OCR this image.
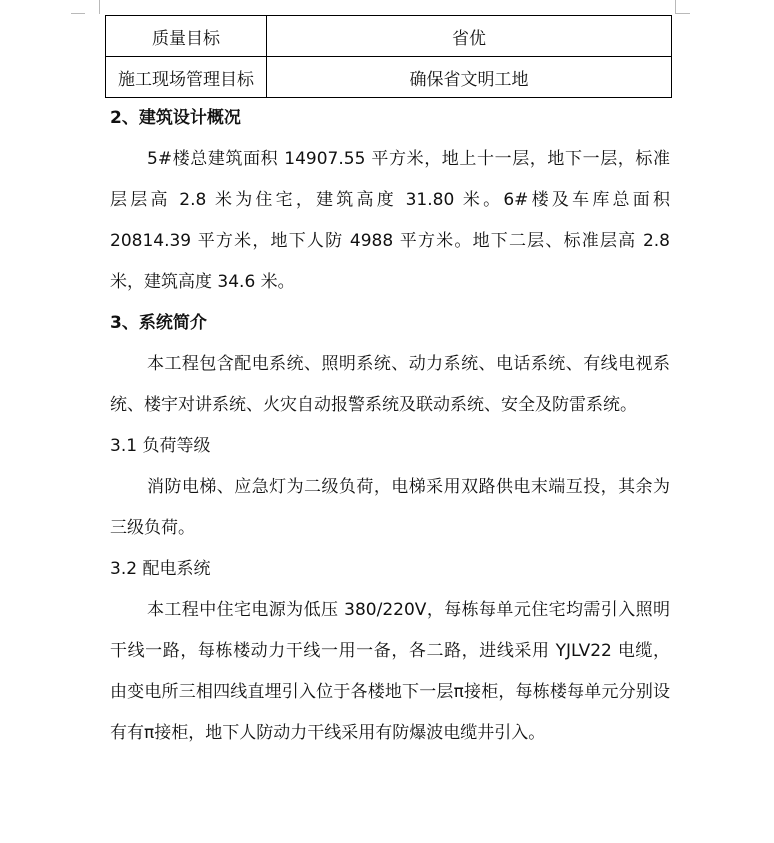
质量目标	省优
施工现场管理目标	确保省文明工地

2、建筑设计概况

5#楼总建筑面积 14907.55 平方米，地上十一层，地下一层，标准层层高 2.8 米为住宅，建筑高度 31.80 米。6#楼及车库总面积 20814.39 平方米，地下人防 4988 平方米。地下二层、标准层高 2.8 米，建筑高度 34.6 米。

3、系统简介

本工程包含配电系统、照明系统、动力系统、电话系统、有线电视系统、楼宇对讲系统、火灾自动报警系统及联动系统、安全及防雷系统。

3.1 负荷等级

消防电梯、应急灯为二级负荷，电梯采用双路供电末端互投，其余为三级负荷。

3.2 配电系统

本工程中住宅电源为低压 380/220V，每栋每单元住宅均需引入照明干线一路，每栋楼动力干线一用一备，各二路，进线采用 YJLV22 电缆，由变电所三相四线直埋引入位于各楼地下一层π接柜，每栋楼每单元分别设有有π接柜，地下人防动力干线采用有防爆波电缆井引入。
